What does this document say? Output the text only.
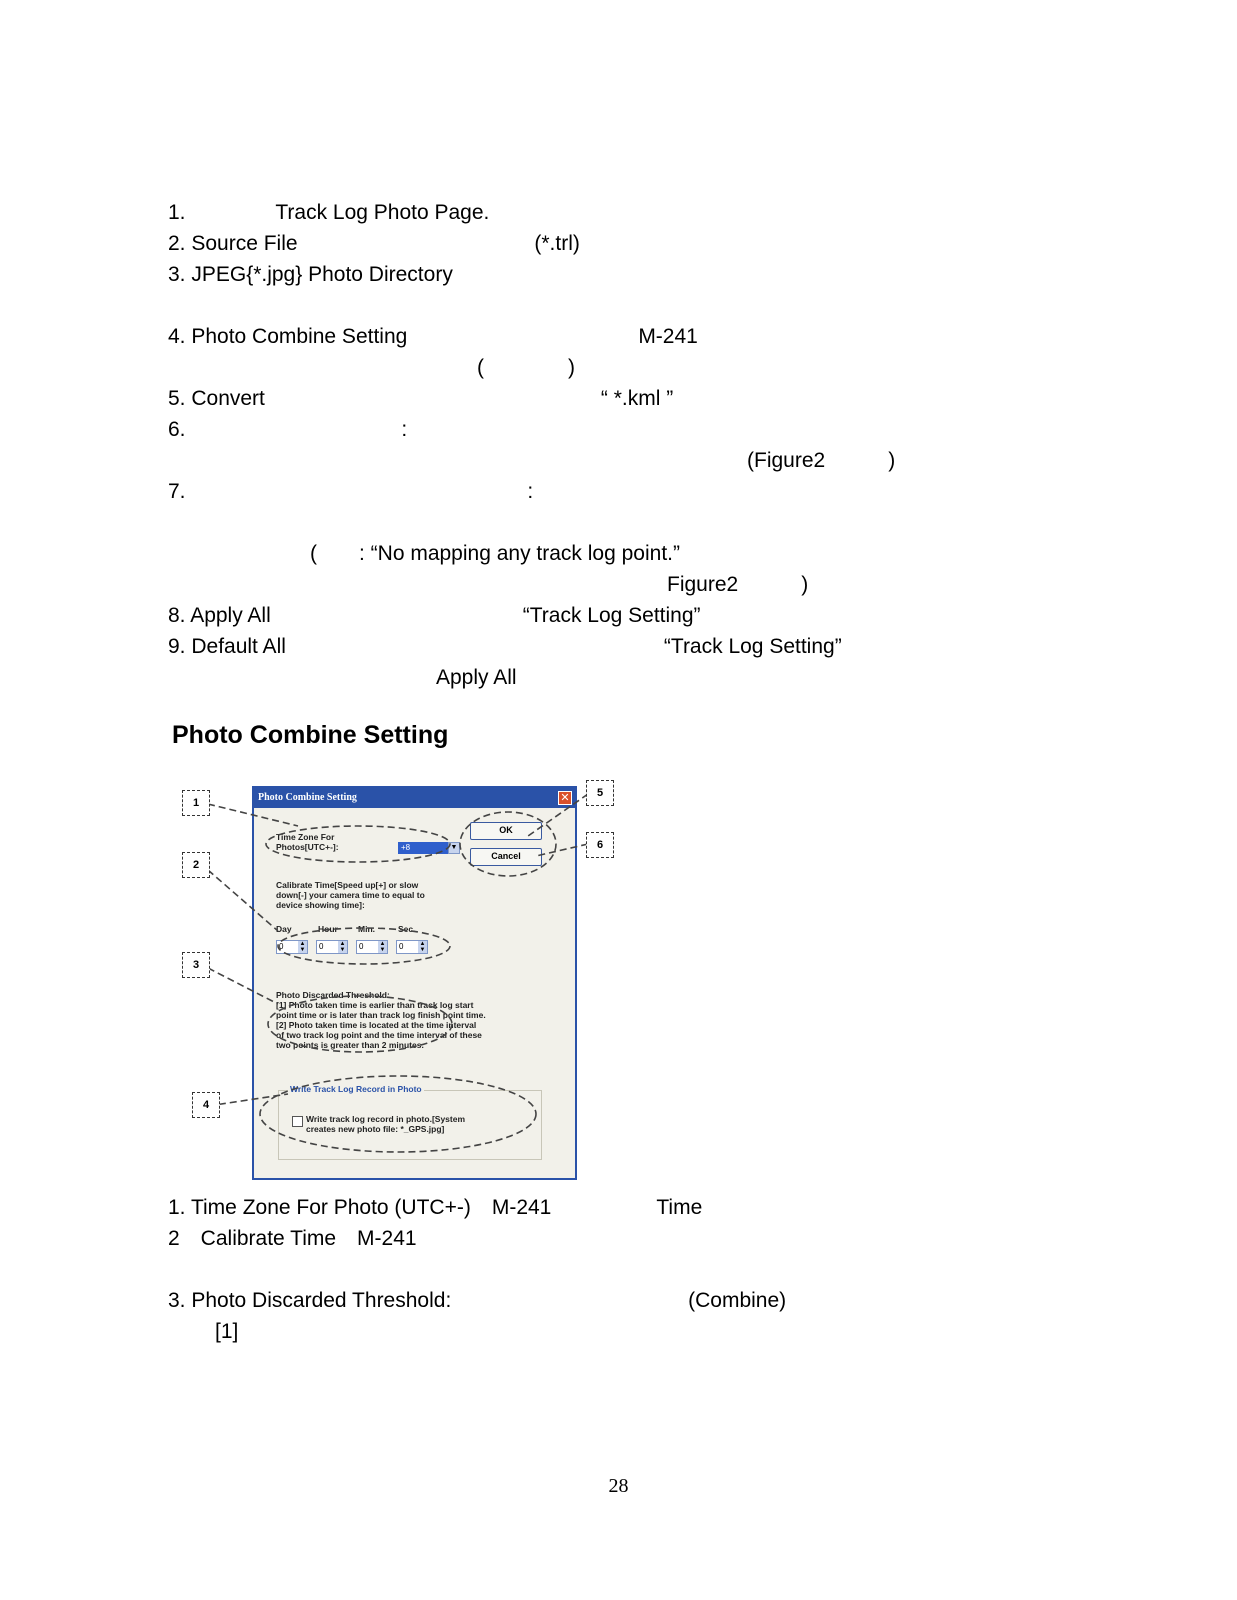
1. 　　　　Track Log Photo Page.
2. Source File 　　　　　　　　　　　(*.trl)　　　　　　
3. JPEG{*.jpg} Photo Directory 　　　　　　　　　　　　　　　　　　　

4. Photo Combine Setting　　　　　　　　　　　M-241　　　　　　　　　　　　　　
(　　　　)
5. Convert　　　　　　　　　　　　　　　　“ *.kml ”　　　　　　　　　　　
6. 　　　　　　　　　　:　　　　　　　　　　　　　　　　　　　　　　　　　　　　
　　　　　　　　　　　　　　(Figure2　　　)
7. 　　　　　　　　　　　　　　　　:

(　　: “No mapping any track log point.”　　　　　　　　　　　　　　　　
　　　　　　　　　　　　　　　　　Figure2　　　)
8. Apply All　　　　　　　　　　　　“Track Log Setting”　　　　　　　　
9. Default All　　　　　　　　　　　　　　　　　　“Track Log Setting”　　　　　　　
　　　　　　Apply All　　　　　　　　　　
Photo Combine Setting
Photo Combine Setting	✕
Time Zone For
Photos[UTC+-]:	+8	▼
OK
Cancel
Calibrate Time[Speed up[+] or slow
down[-] your camera time to equal to
device showing time]:
Day	Hour Min.	Sec.
0	▲
▼	0	▲
▼	0	▲
▼	0	▲
▼
Photo Discarded Threshold:
[1] Photo taken time is earlier than track log start
point time or is later than track log finish point time.
[2] Photo taken time is located at the time interval
of two track log point and the time interval of these
two points is greater than 2 minutes.
Write Track Log Record in Photo
Write track log record in photo.[System
creates new photo file: *_GPS.jpg]
1
2
3
4
5
6
1. Time Zone For Photo (UTC+-)　M-241　　　　　Time　　　　　　　　　　　　
2　Calibrate Time　M-241　　　　　　　　　　　　　　　　　　　　　　　　　　　　

3. Photo Discarded Threshold: 　　　　　　　　　　　(Combine)　　　　　　　
[1] 　　　　　　　　　　　　　　　　　　　　　　　　　　　　　　　　　　　

28
